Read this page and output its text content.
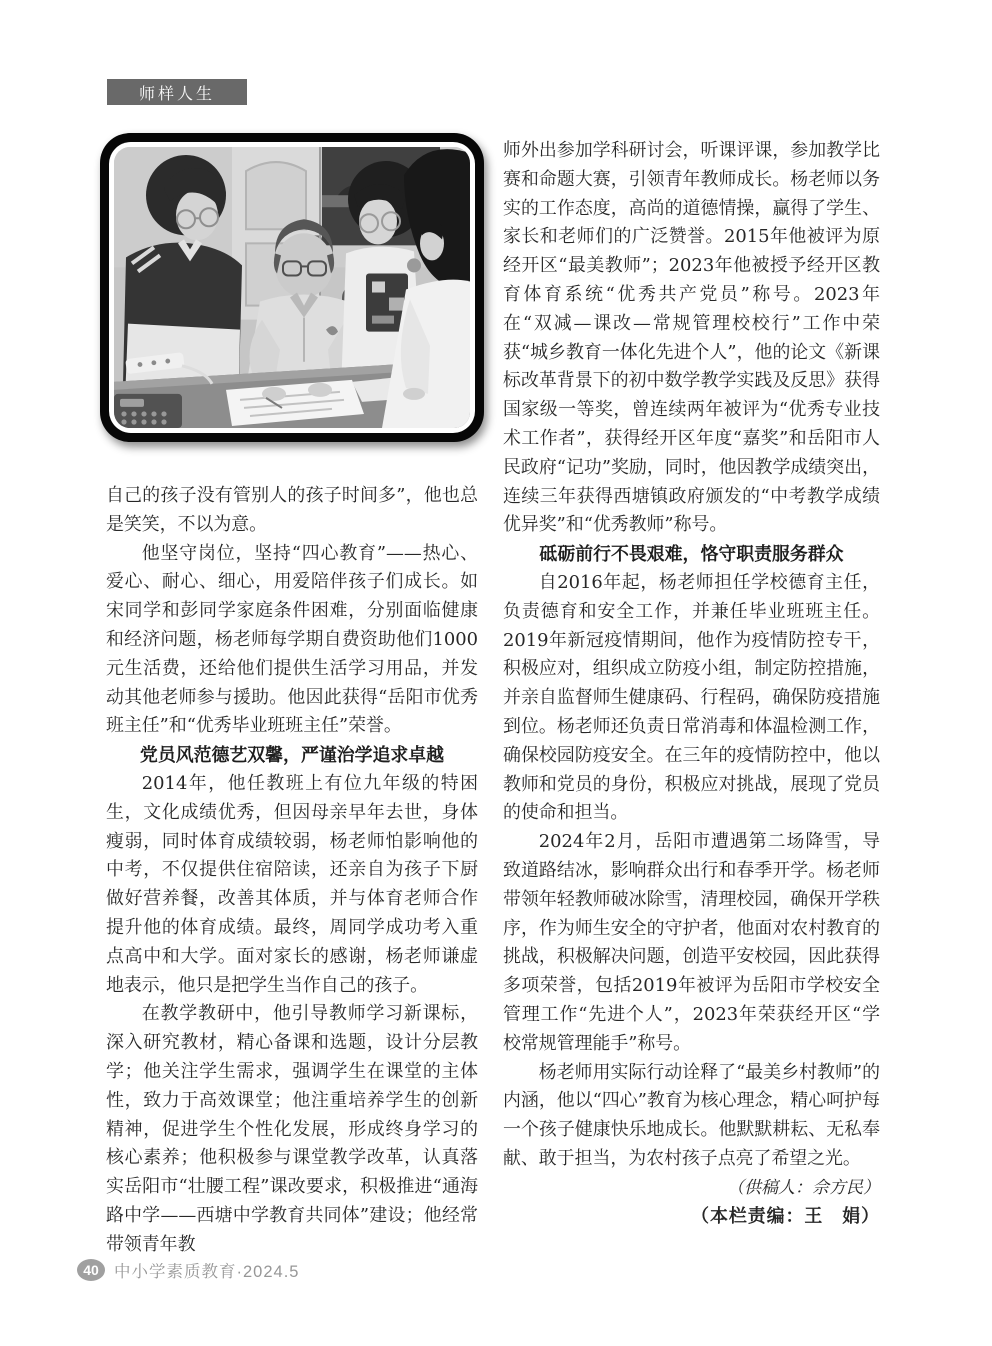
师样人生

自己的孩子没有管别人的孩子时间多”，他也总是笑笑，不以为意。

他坚守岗位，坚持“四心教育”——热心、爱心、耐心、细心，用爱陪伴孩子们成长。如宋同学和彭同学家庭条件困难，分别面临健康和经济问题，杨老师每学期自费资助他们1000元生活费，还给他们提供生活学习用品，并发动其他老师参与援助。他因此获得“岳阳市优秀班主任”和“优秀毕业班班主任”荣誉。

党员风范德艺双馨，严谨治学追求卓越

2014年，他任教班上有位九年级的特困生，文化成绩优秀，但因母亲早年去世，身体瘦弱，同时体育成绩较弱，杨老师怕影响他的中考，不仅提供住宿陪读，还亲自为孩子下厨做好营养餐，改善其体质，并与体育老师合作提升他的体育成绩。最终，周同学成功考入重点高中和大学。面对家长的感谢，杨老师谦虚地表示，他只是把学生当作自己的孩子。

在教学教研中，他引导教师学习新课标，深入研究教材，精心备课和选题，设计分层教学；他关注学生需求，强调学生在课堂的主体性，致力于高效课堂；他注重培养学生的创新精神，促进学生个性化发展，形成终身学习的核心素养；他积极参与课堂教学改革，认真落实岳阳市“壮腰工程”课改要求，积极推进“通海路中学——西塘中学教育共同体”建设；他经常带领青年教

师外出参加学科研讨会，听课评课，参加教学比赛和命题大赛，引领青年教师成长。杨老师以务实的工作态度，高尚的道德情操，赢得了学生、家长和老师们的广泛赞誉。2015年他被评为原经开区“最美教师”；2023年他被授予经开区教育体育系统“优秀共产党员”称号。2023年在“双减—课改—常规管理校校行”工作中荣获“城乡教育一体化先进个人”，他的论文《新课标改革背景下的初中数学教学实践及反思》获得国家级一等奖，曾连续两年被评为“优秀专业技术工作者”，获得经开区年度“嘉奖”和岳阳市人民政府“记功”奖励，同时，他因教学成绩突出，连续三年获得西塘镇政府颁发的“中考教学成绩优异奖”和“优秀教师”称号。

砥砺前行不畏艰难，恪守职责服务群众

自2016年起，杨老师担任学校德育主任，负责德育和安全工作，并兼任毕业班班主任。2019年新冠疫情期间，他作为疫情防控专干，积极应对，组织成立防疫小组，制定防控措施，并亲自监督师生健康码、行程码，确保防疫措施到位。杨老师还负责日常消毒和体温检测工作，确保校园防疫安全。在三年的疫情防控中，他以教师和党员的身份，积极应对挑战，展现了党员的使命和担当。

2024年2月，岳阳市遭遇第二场降雪，导致道路结冰，影响群众出行和春季开学。杨老师带领年轻教师破冰除雪，清理校园，确保开学秩序，作为师生安全的守护者，他面对农村教育的挑战，积极解决问题，创造平安校园，因此获得多项荣誉，包括2019年被评为岳阳市学校安全管理工作“先进个人”，2023年荣获经开区“学校常规管理能手”称号。

杨老师用实际行动诠释了“最美乡村教师”的内涵，他以“四心”教育为核心理念，精心呵护每一个孩子健康快乐地成长。他默默耕耘、无私奉献、敢于担当，为农村孩子点亮了希望之光。

（供稿人：佘方民）

（本栏责编：王　娟）

40 中小学素质教育·2024.5
